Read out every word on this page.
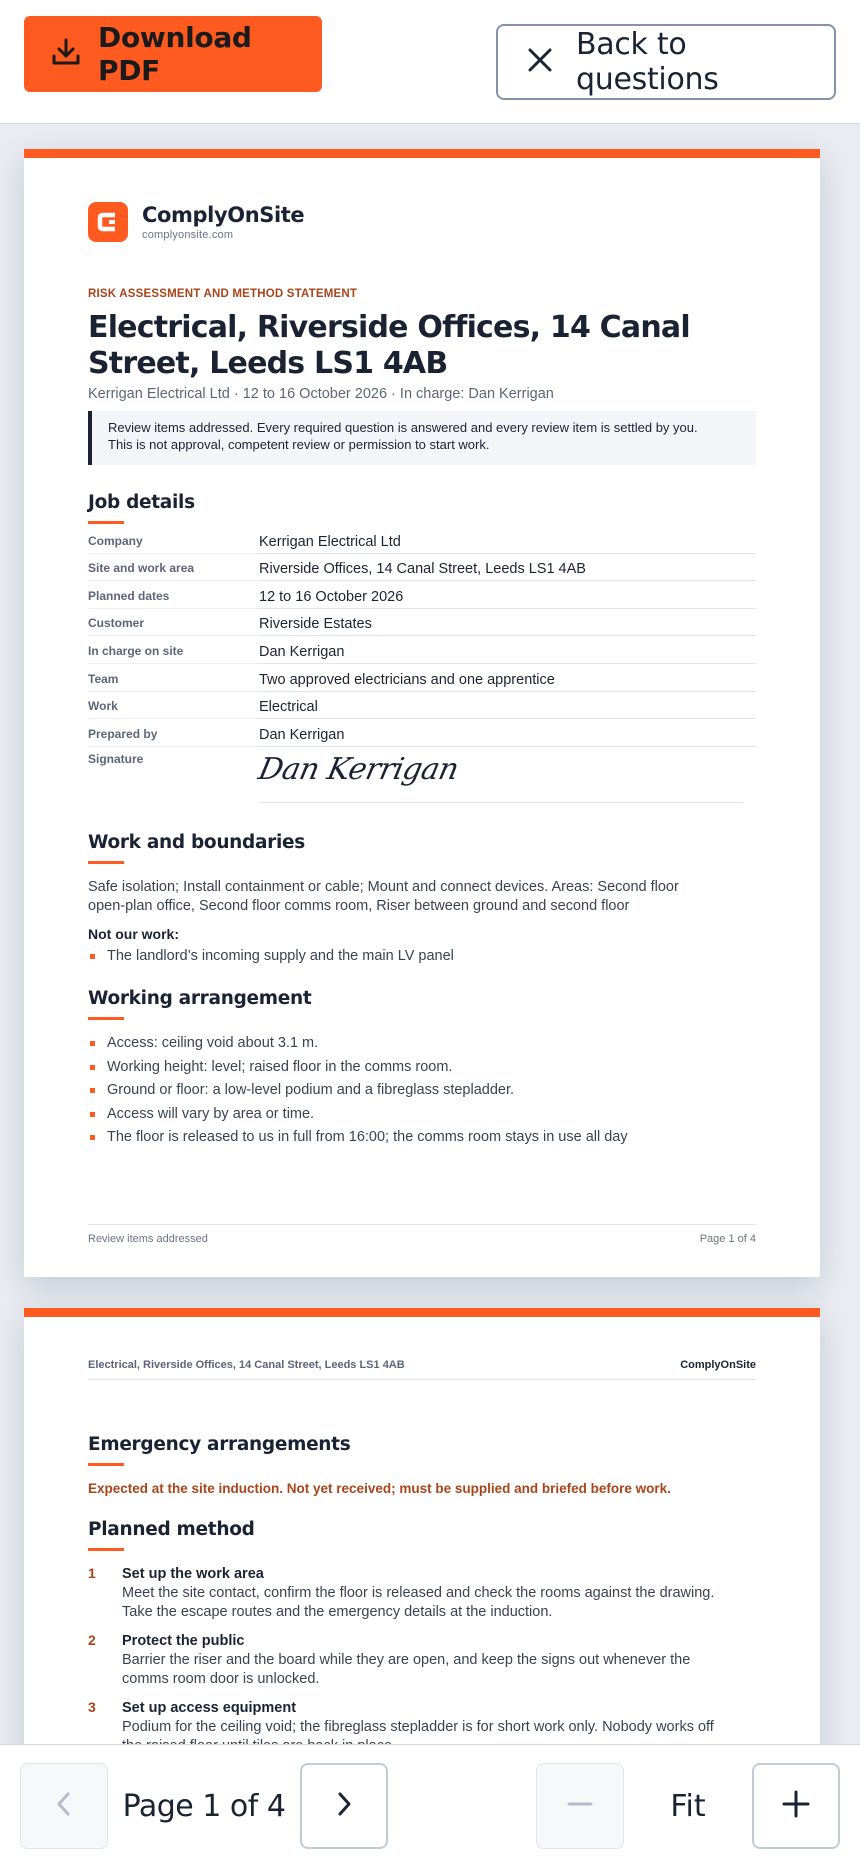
Download PDF
Back to questions
ComplyOnSite
complyonsite.com
RISK ASSESSMENT AND METHOD STATEMENT
Electrical, Riverside Offices, 14 Canal Street, Leeds LS1 4AB
Kerrigan Electrical Ltd · 12 to 16 October 2026 · In charge: Dan Kerrigan
Review items addressed. Every required question is answered and every review item is settled by you.
This is not approval, competent review or permission to start work.
Job details
Company	Kerrigan Electrical Ltd
Site and work area	Riverside Offices, 14 Canal Street, Leeds LS1 4AB
Planned dates	12 to 16 October 2026
Customer	Riverside Estates
In charge on site	Dan Kerrigan
Team	Two approved electricians and one apprentice
Work	Electrical
Prepared by	Dan Kerrigan
Signature	Dan Kerrigan
Work and boundaries
Safe isolation; Install containment or cable; Mount and connect devices. Areas: Second floor
open-plan office, Second floor comms room, Riser between ground and second floor
Not our work:
The landlord’s incoming supply and the main LV panel
Working arrangement
Access: ceiling void about 3.1 m.
Working height: level; raised floor in the comms room.
Ground or floor: a low-level podium and a fibreglass stepladder.
Access will vary by area or time.
The floor is released to us in full from 16:00; the comms room stays in use all day
Review items addressed	Page 1 of 4
Electrical, Riverside Offices, 14 Canal Street, Leeds LS1 4AB	ComplyOnSite
Emergency arrangements
Expected at the site induction. Not yet received; must be supplied and briefed before work.
Planned method
1	Set up the work area
Meet the site contact, confirm the floor is released and check the rooms against the drawing.
Take the escape routes and the emergency details at the induction.
2	Protect the public
Barrier the riser and the board while they are open, and keep the signs out whenever the
comms room door is unlocked.
3	Set up access equipment
Podium for the ceiling void; the fibreglass stepladder is for short work only. Nobody works off
Page 1 of 4	Fit
